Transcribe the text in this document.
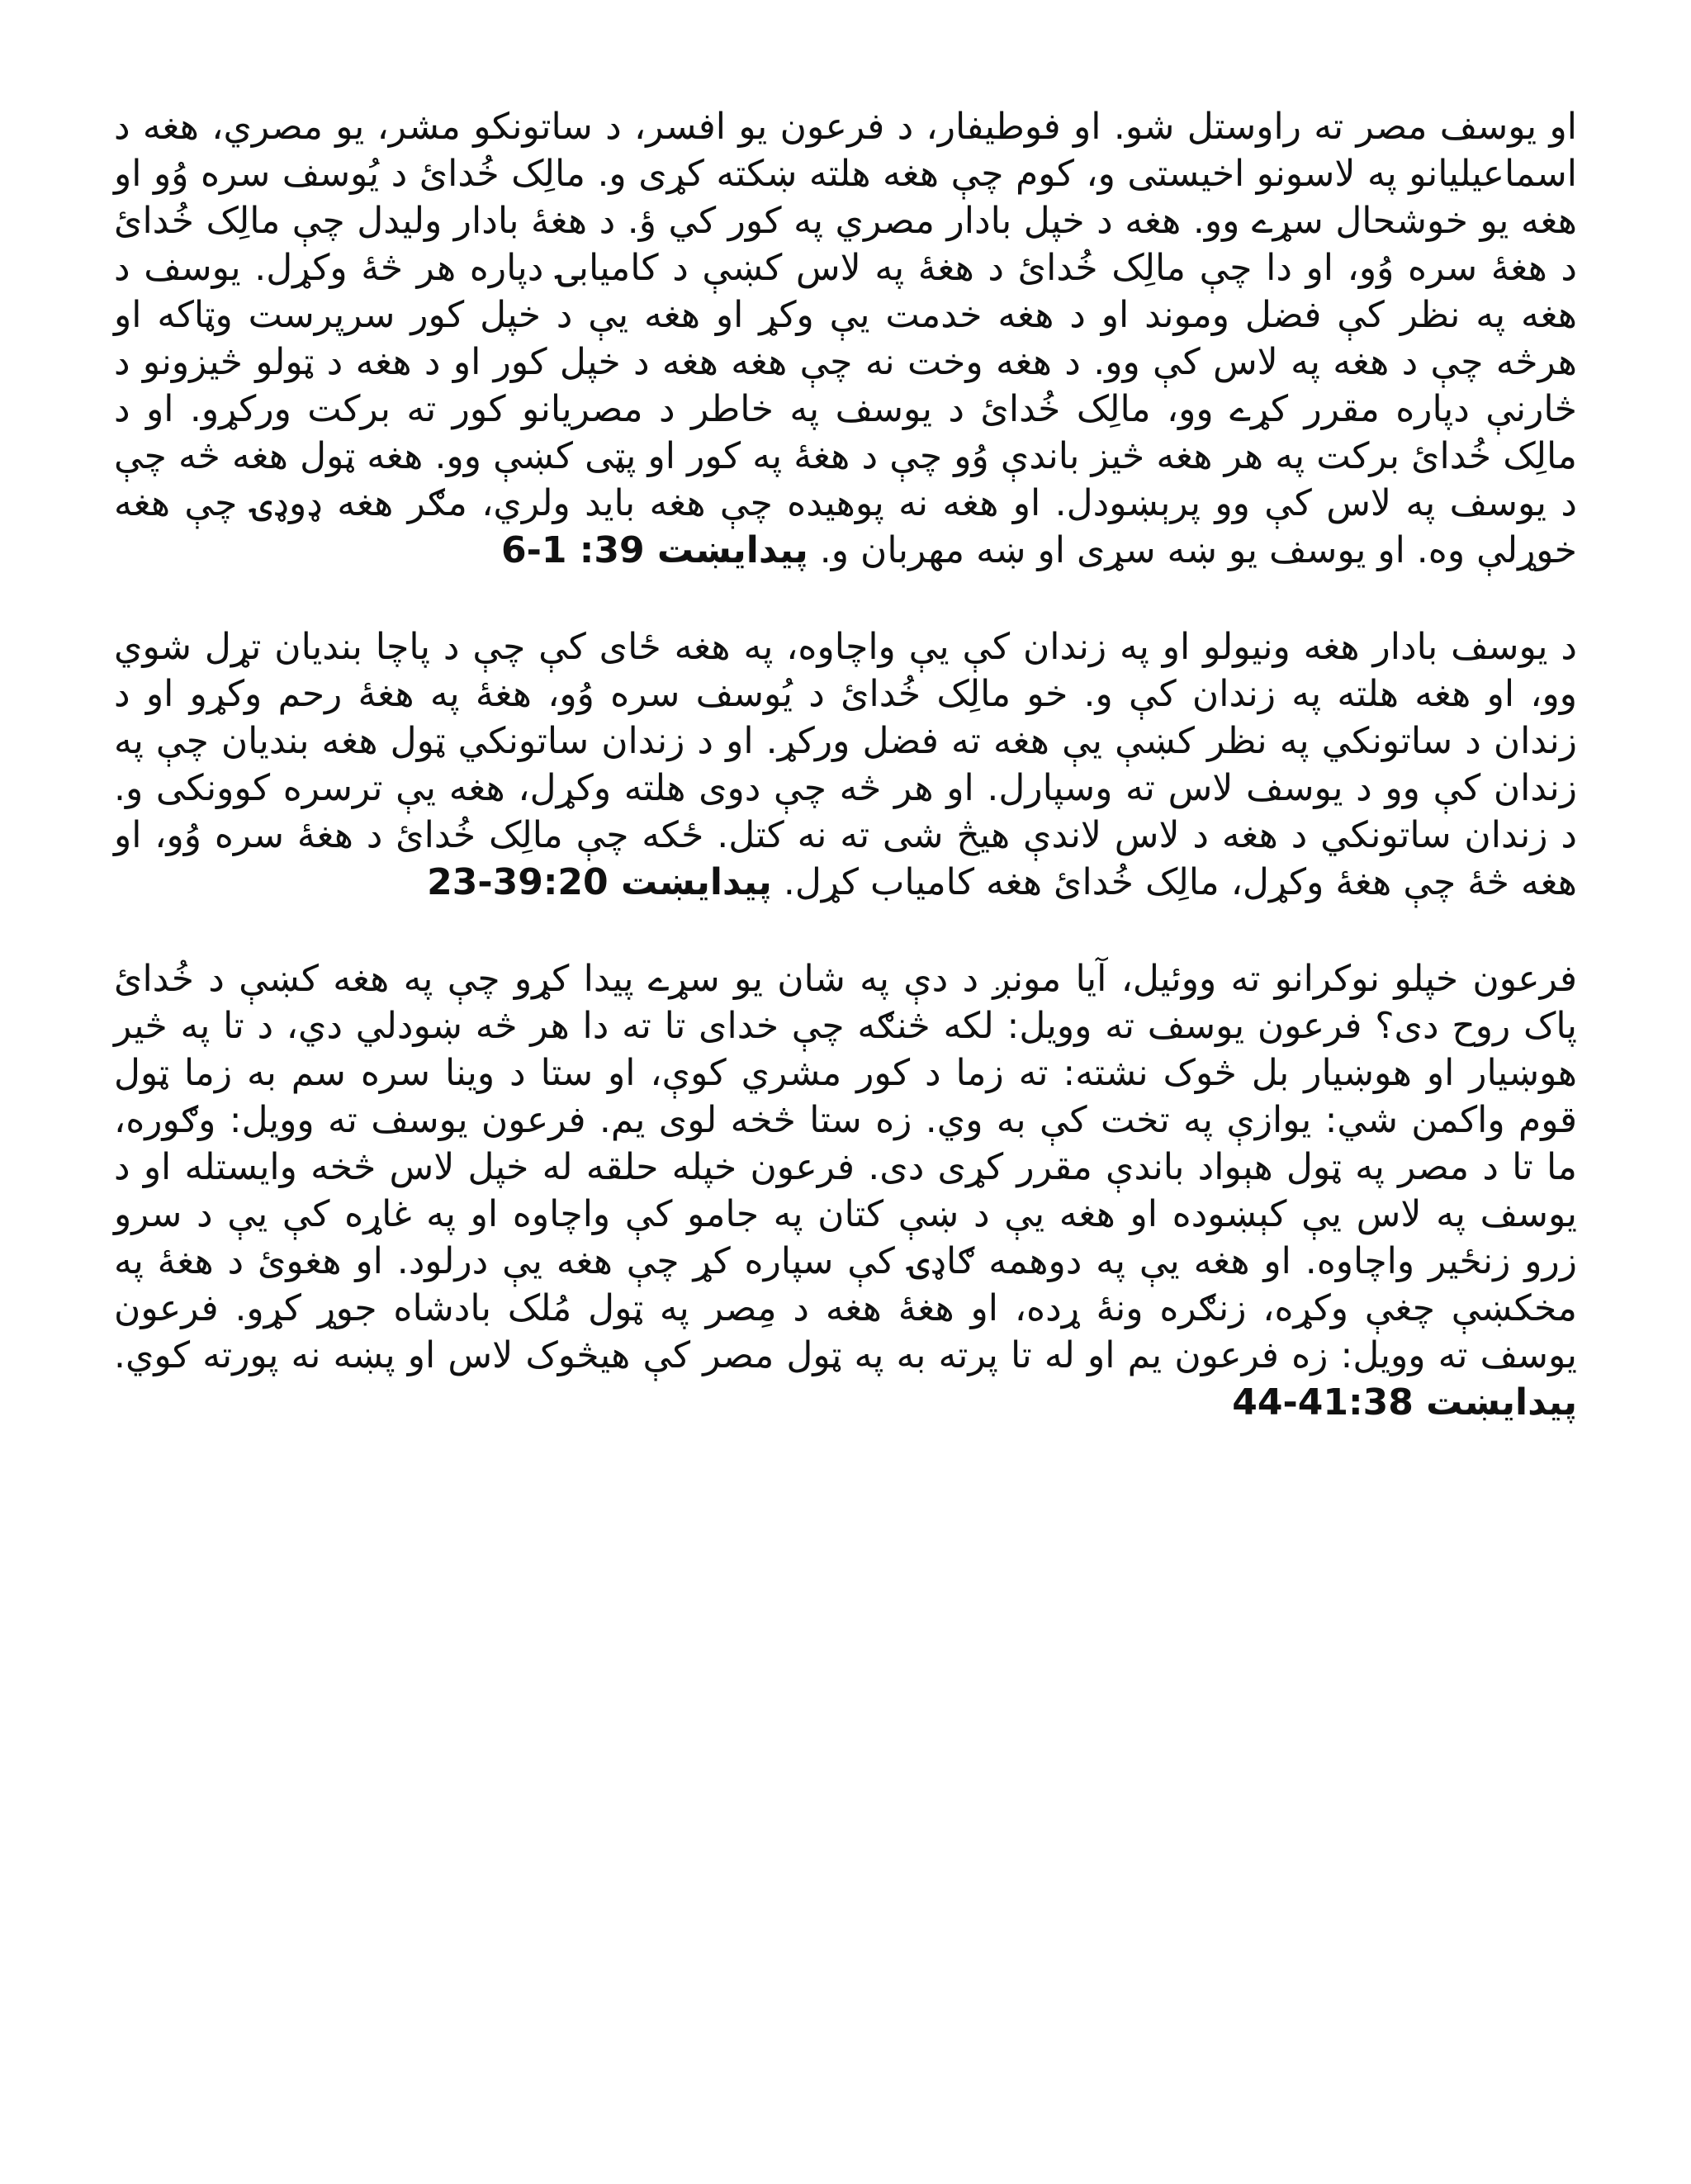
او یوسف مصر ته راوستل شو. او فوطیفار، د فرعون یو افسر، د ساتونکو مشر، یو مصري، هغه د اسماعیلیانو په لاسونو اخیستی و، کوم چې هغه هلته ښکته کړی و. مالِک خُدائ د یُوسف سره وُو او هغه یو خوشحال سړے وو. هغه د خپل بادار مصري په کور کي ؤ. د هغهٔ بادار ولیدل چې مالِک خُدائ د هغهٔ سره وُو، او دا چې مالِک خُدائ د هغهٔ په لاس کښې د کامیابۍ دپاره هر څهٔ وکړل. یوسف د هغه په نظر کې فضل وموند او د هغه خدمت یې وکړ او هغه یې د خپل کور سرپرست وټاکه او هرڅه چې د هغه په لاس کې وو. د هغه وخت نه چې هغه هغه د خپل کور او د هغه د ټولو څیزونو د څارنې دپاره مقرر کړے وو، مالِک خُدائ د یوسف په خاطر د مصریانو کور ته برکت ورکړو. او د مالِک خُدائ برکت په هر هغه څیز باندې وُو چې د هغهٔ په کور او پټی کښې وو. هغه ټول هغه څه چې د یوسف په لاس کې وو پرېښودل. او هغه نه پوهیده چې هغه باید ولري، مګر هغه ډوډۍ چې هغه خوړلې وه. او یوسف یو ښه سړی او ښه مهربان و. پیدایښت 39: 1-6

د یوسف بادار هغه ونیولو او په زندان کې یې واچاوه، په هغه ځای کې چې د پاچا بندیان تړل شوي وو، او هغه هلته په زندان کې و. خو مالِک خُدائ د یُوسف سره وُو، هغهٔ په هغهٔ رحم وکړو او د زندان د ساتونکي په نظر کښې یې هغه ته فضل ورکړ. او د زندان ساتونکي ټول هغه بندیان چې په زندان کې وو د یوسف لاس ته وسپارل. او هر څه چې دوی هلته وکړل، هغه یې ترسره کوونکی و. د زندان ساتونکي د هغه د لاس لاندې هیڅ شی ته نه کتل. ځکه چې مالِک خُدائ د هغهٔ سره وُو، او هغه څهٔ چې هغهٔ وکړل، مالِک خُدائ هغه کامیاب کړل. پیدایښت 39:20-23

فرعون خپلو نوکرانو ته ووئیل، آیا مونږ د دې په شان یو سړے پیدا کړو چې په هغه کښې د خُدائ پاک روح دی؟ فرعون یوسف ته وویل: لکه څنګه چې خدای تا ته دا هر څه ښودلي دي، د تا په څیر هوښیار او هوښیار بل څوک نشته: ته زما د کور مشري کوې، او ستا د وینا سره سم به زما ټول قوم واکمن شي: یوازې په تخت کې به وي. زه ستا څخه لوی یم. فرعون یوسف ته وویل: وګوره، ما تا د مصر په ټول هېواد باندې مقرر کړی دی. فرعون خپله حلقه له خپل لاس څخه وایستله او د یوسف په لاس یې کېښوده او هغه یې د ښې کتان په جامو کې واچاوه او په غاړه کې یې د سرو زرو زنځیر واچاوه. او هغه یې په دوهمه ګاډۍ کې سپاره کړ چې هغه یې درلود. او هغوئ د هغهٔ په مخکښې چغې وکړه، زنګره ونهٔ ړده، او هغهٔ هغه د مِصر په ټول مُلک بادشاه جوړ کړو. فرعون یوسف ته وویل: زه فرعون یم او له تا پرته به په ټول مصر کې هیڅوک لاس او پښه نه پورته کوي. پیدایښت 41:38-44
